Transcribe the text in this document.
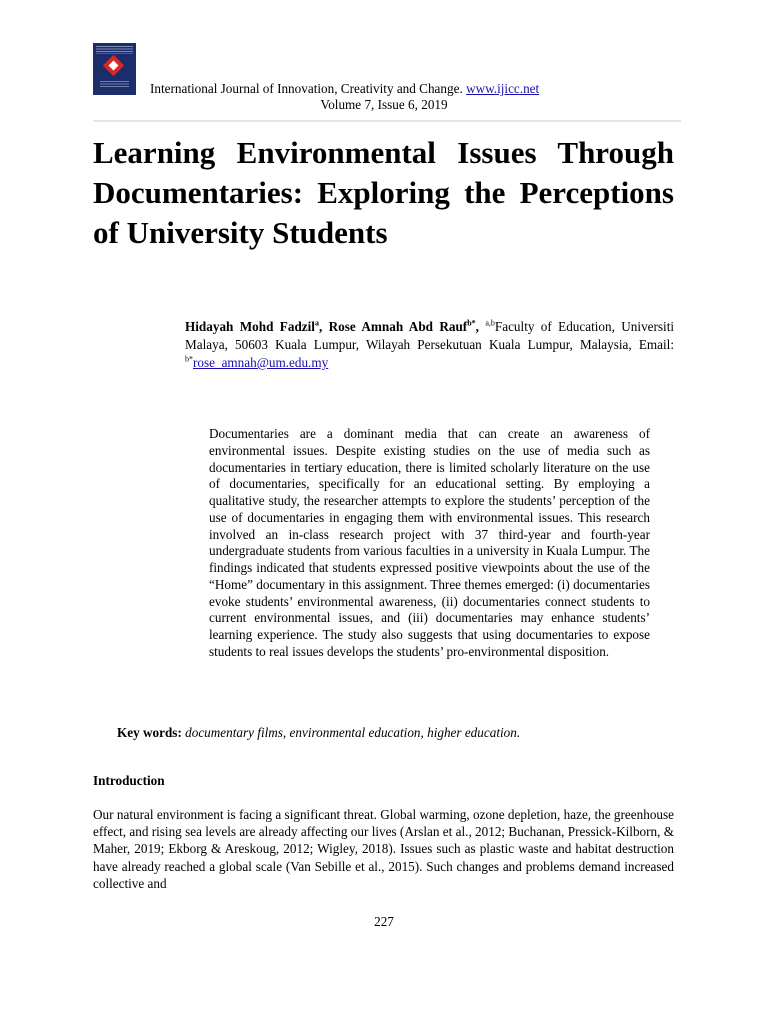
International Journal of Innovation, Creativity and Change. www.ijicc.net
Volume 7, Issue 6, 2019
Learning Environmental Issues Through Documentaries: Exploring the Perceptions of University Students
Hidayah Mohd Fadzil$^a$, Rose Amnah Abd Rauf$^{b*}$, $^{a,b}$Faculty of Education, Universiti Malaya, 50603 Kuala Lumpur, Wilayah Persekutuan Kuala Lumpur, Malaysia, Email: $^{b*}$rose_amnah@um.edu.my

Documentaries are a dominant media that can create an awareness of environmental issues. Despite existing studies on the use of media such as documentaries in tertiary education, there is limited scholarly literature on the use of documentaries, specifically for an educational setting. By employing a qualitative study, the researcher attempts to explore the students’ perception of the use of documentaries in engaging them with environmental issues. This research involved an in-class research project with 37 third-year and fourth-year undergraduate students from various faculties in a university in Kuala Lumpur. The findings indicated that students expressed positive viewpoints about the use of the “Home” documentary in this assignment. Three themes emerged: (i) documentaries evoke students’ environmental awareness, (ii) documentaries connect students to current environmental issues, and (iii) documentaries may enhance students’ learning experience. The study also suggests that using documentaries to expose students to real issues develops the students’ pro-environmental disposition.

Key words: documentary films, environmental education, higher education.
Introduction

Our natural environment is facing a significant threat. Global warming, ozone depletion, haze, the greenhouse effect, and rising sea levels are already affecting our lives (Arslan et al., 2012; Buchanan, Pressick-Kilborn, & Maher, 2019; Ekborg & Areskoug, 2012; Wigley, 2018). Issues such as plastic waste and habitat destruction have already reached a global scale (Van Sebille et al., 2015). Such changes and problems demand increased collective and

227
